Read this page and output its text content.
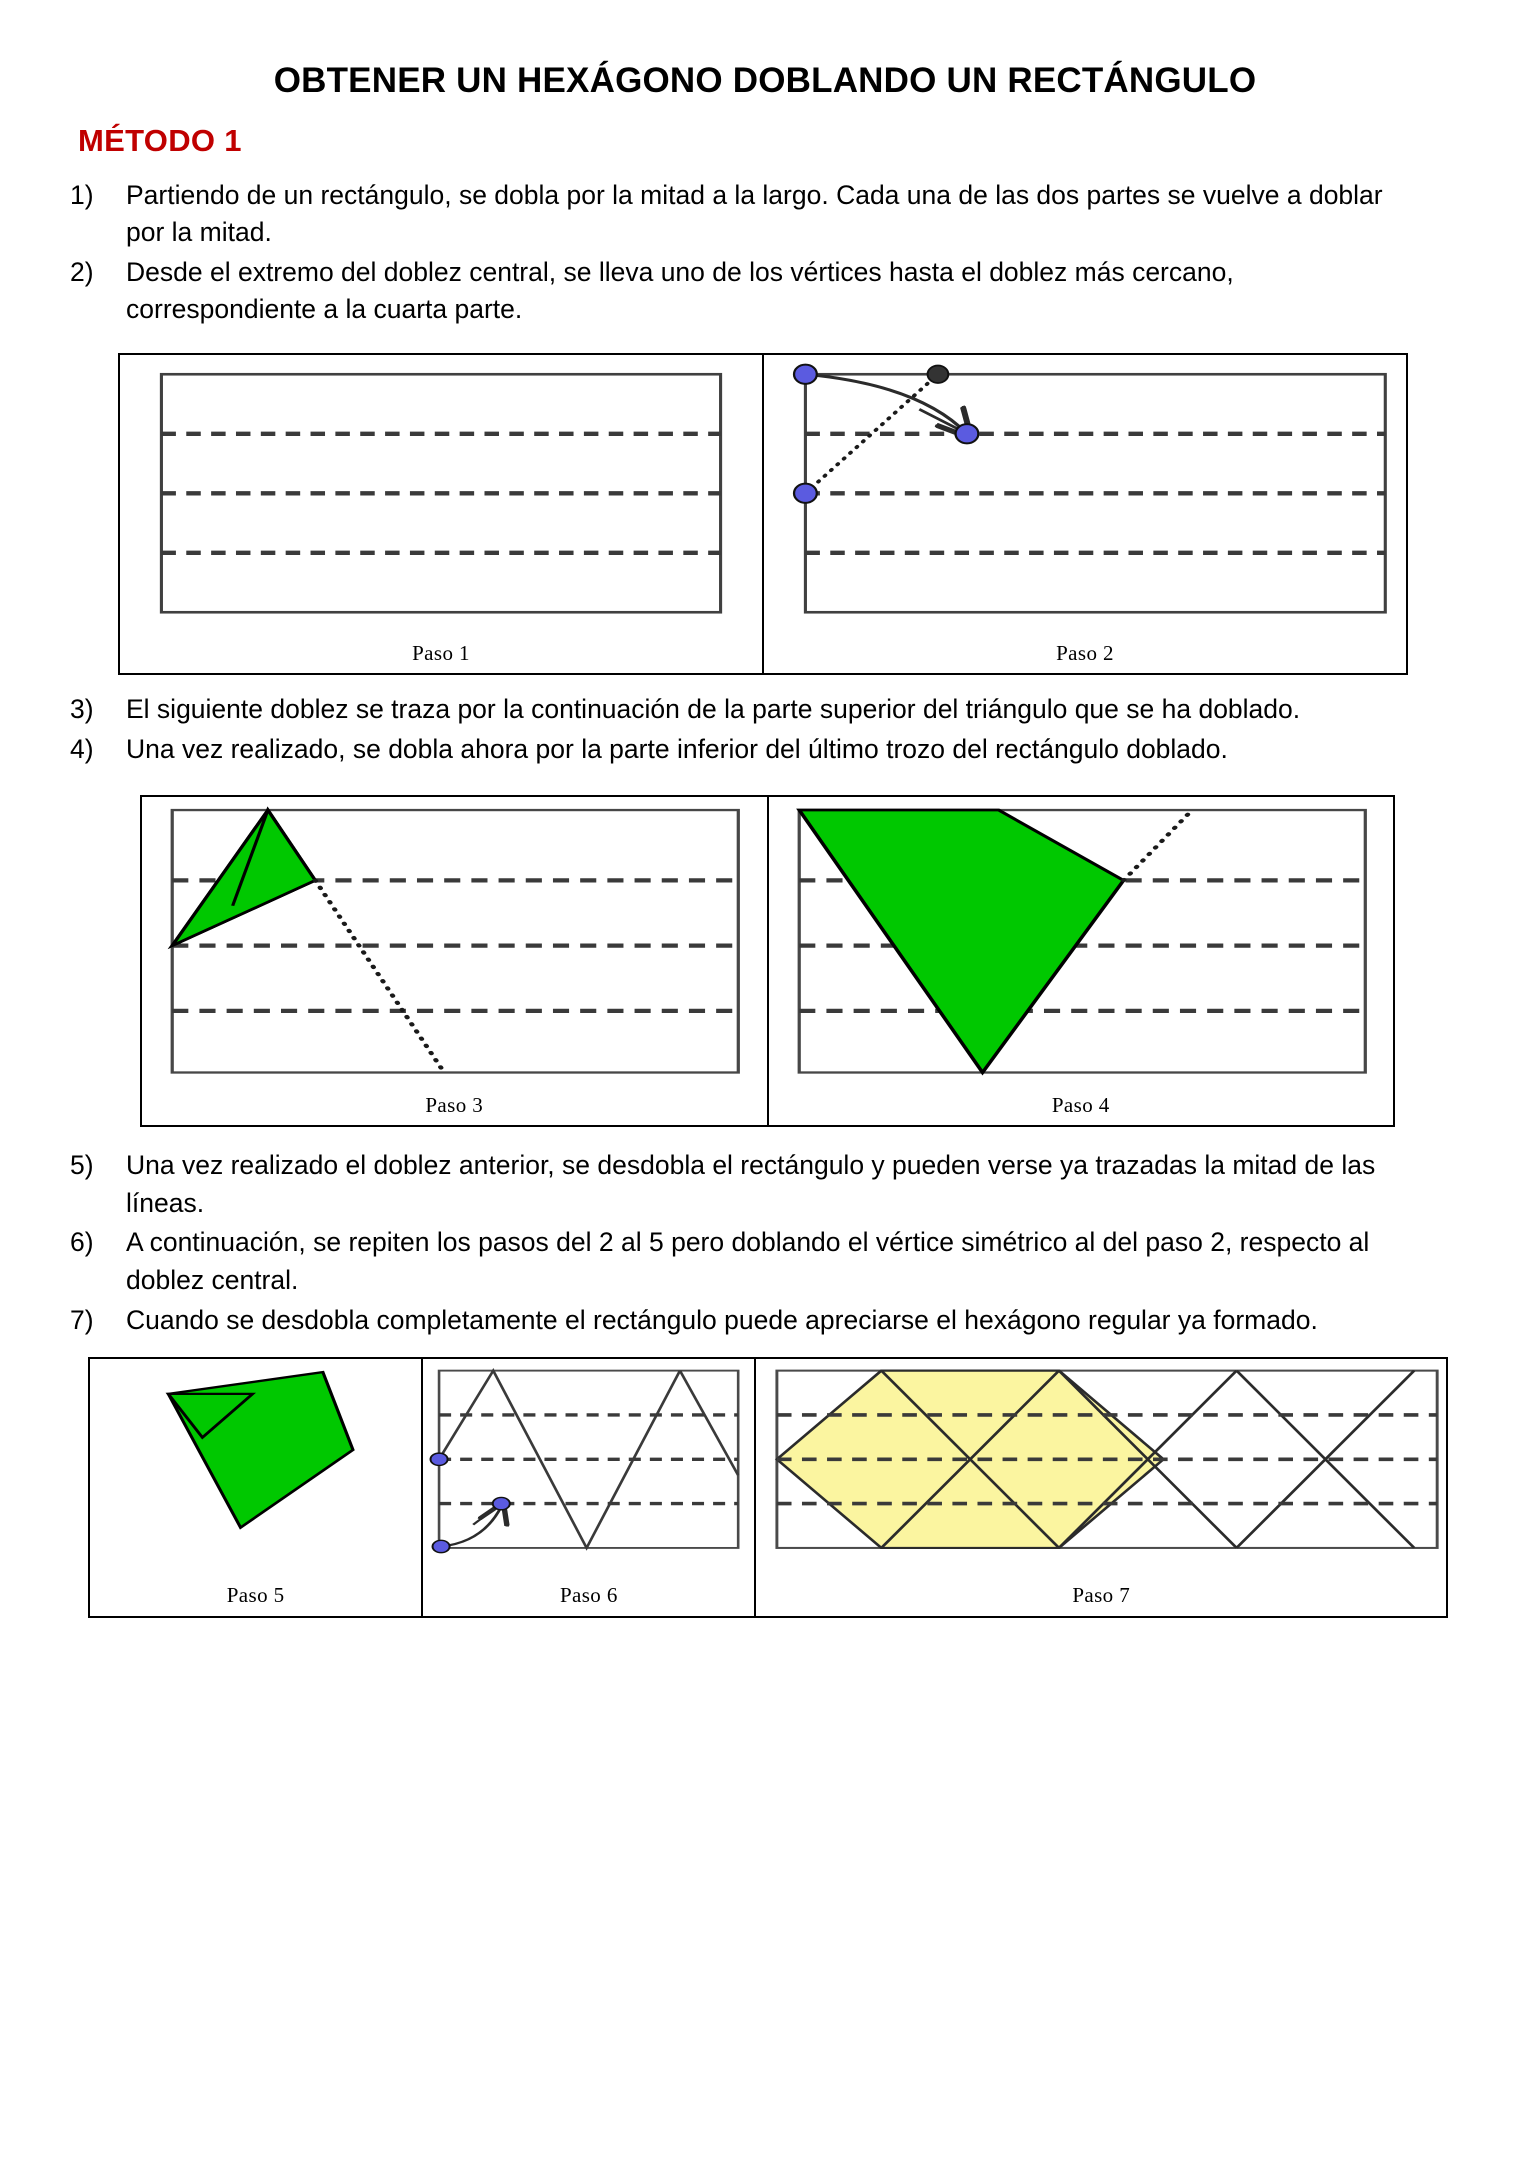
OBTENER UN HEXÁGONO DOBLANDO UN RECTÁNGULO
MÉTODO 1
1)	Partiendo de un rectángulo, se dobla por la mitad a la largo. Cada una de las dos partes se vuelve a doblar por la mitad.
2)	Desde el extremo del doblez central, se lleva uno de los vértices hasta el doblez más cercano, correspondiente a la cuarta parte.
Paso 1	Paso 2
3)	El siguiente doblez se traza por la continuación de la parte superior del triángulo que se ha doblado.
4)	Una vez realizado, se dobla ahora por la parte inferior del último trozo del rectángulo doblado.
Paso 3	Paso 4
5)	Una vez realizado el doblez anterior, se desdobla el rectángulo y pueden verse ya trazadas la mitad de las líneas.
6)	A continuación, se repiten los pasos del 2 al 5 pero doblando el vértice simétrico al del paso 2, respecto al doblez central.
7)	Cuando se desdobla completamente el rectángulo puede apreciarse el hexágono regular ya formado.
Paso 5	Paso 6	Paso 7
